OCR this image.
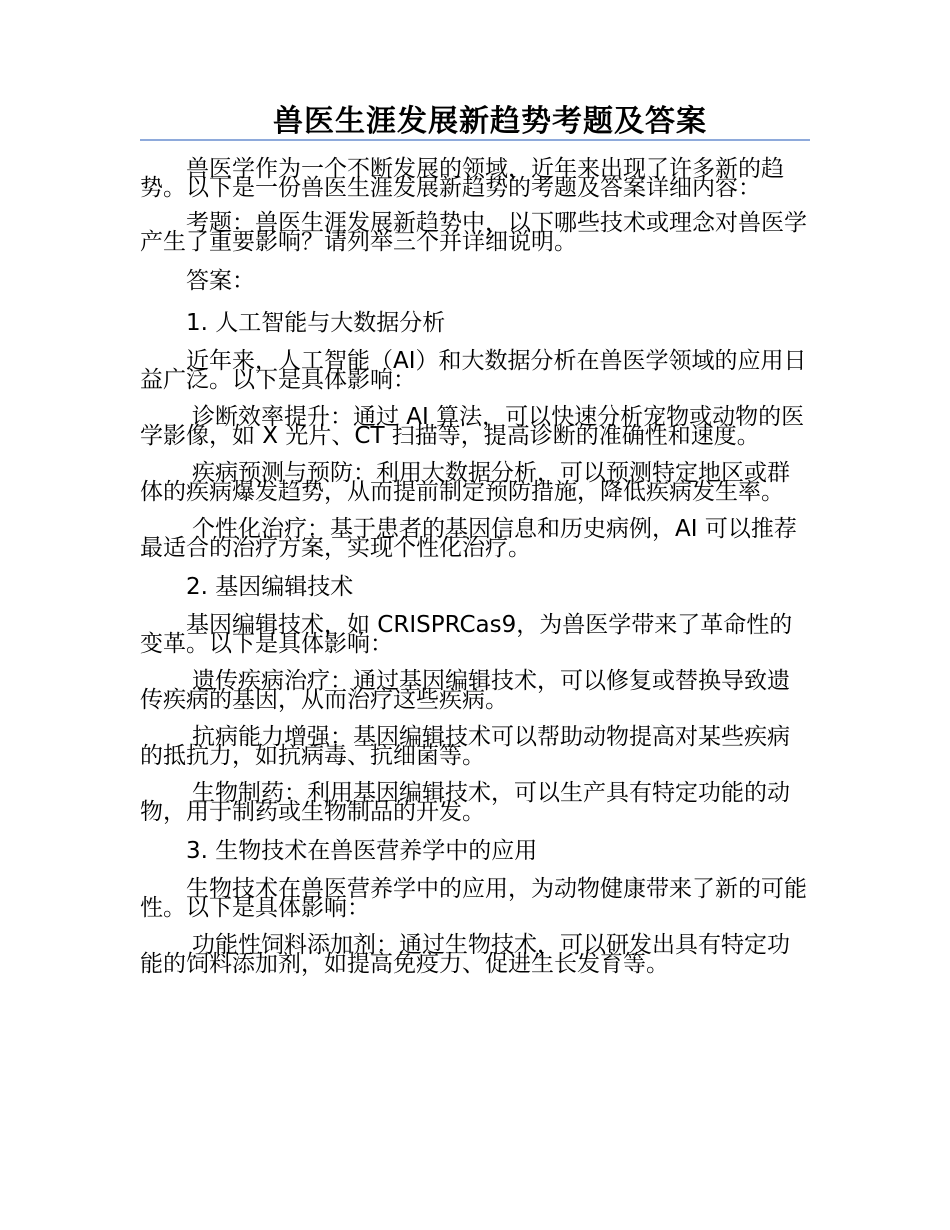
兽医生涯发展新趋势考题及答案

兽医学作为一个不断发展的领域，近年来出现了许多新的趋势。以下是一份兽医生涯发展新趋势的考题及答案详细内容：

考题：兽医生涯发展新趋势中，以下哪些技术或理念对兽医学产生了重要影响？请列举三个并详细说明。

答案：

1. 人工智能与大数据分析

近年来，人工智能（AI）和大数据分析在兽医学领域的应用日益广泛。以下是具体影响：

诊断效率提升：通过 AI 算法，可以快速分析宠物或动物的医学影像，如 X 光片、CT 扫描等，提高诊断的准确性和速度。

疾病预测与预防：利用大数据分析，可以预测特定地区或群体的疾病爆发趋势，从而提前制定预防措施，降低疾病发生率。

个性化治疗：基于患者的基因信息和历史病例，AI 可以推荐最适合的治疗方案，实现个性化治疗。

2. 基因编辑技术

基因编辑技术，如 CRISPRCas9，为兽医学带来了革命性的变革。以下是具体影响：

遗传疾病治疗：通过基因编辑技术，可以修复或替换导致遗传疾病的基因，从而治疗这些疾病。

抗病能力增强：基因编辑技术可以帮助动物提高对某些疾病的抵抗力，如抗病毒、抗细菌等。

生物制药：利用基因编辑技术，可以生产具有特定功能的动物，用于制药或生物制品的开发。

3. 生物技术在兽医营养学中的应用

生物技术在兽医营养学中的应用，为动物健康带来了新的可能性。以下是具体影响：

功能性饲料添加剂：通过生物技术，可以研发出具有特定功能的饲料添加剂，如提高免疫力、促进生长发育等。
